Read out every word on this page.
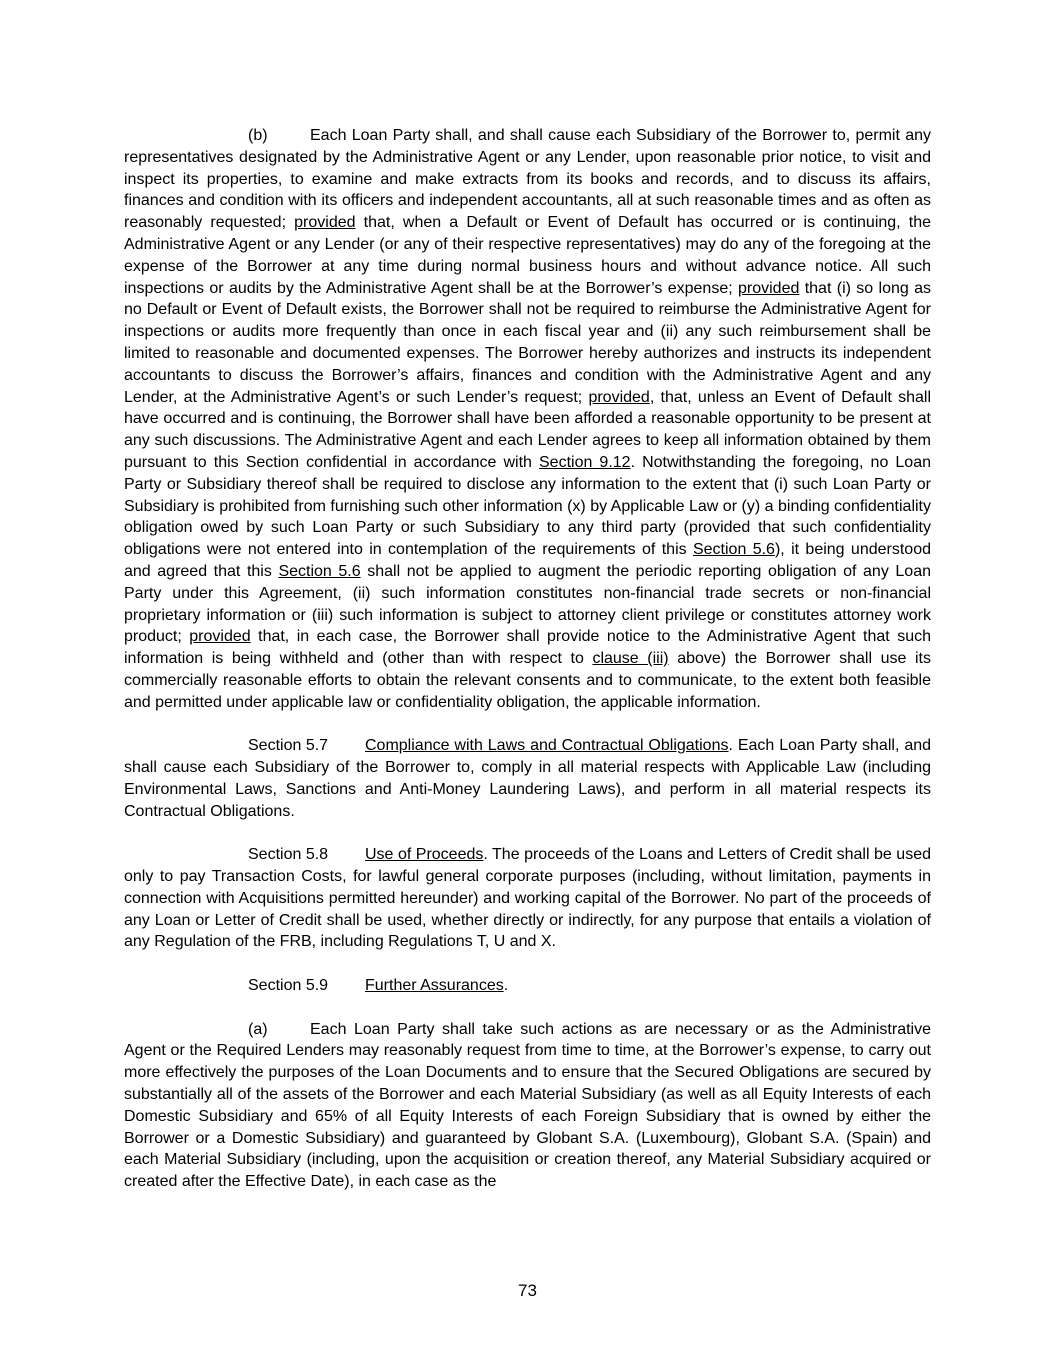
(b)	Each Loan Party shall, and shall cause each Subsidiary of the Borrower to, permit any representatives designated by the Administrative Agent or any Lender, upon reasonable prior notice, to visit and inspect its properties, to examine and make extracts from its books and records, and to discuss its affairs, finances and condition with its officers and independent accountants, all at such reasonable times and as often as reasonably requested; provided that, when a Default or Event of Default has occurred or is continuing, the Administrative Agent or any Lender (or any of their respective representatives) may do any of the foregoing at the expense of the Borrower at any time during normal business hours and without advance notice. All such inspections or audits by the Administrative Agent shall be at the Borrower’s expense; provided that (i) so long as no Default or Event of Default exists, the Borrower shall not be required to reimburse the Administrative Agent for inspections or audits more frequently than once in each fiscal year and (ii) any such reimbursement shall be limited to reasonable and documented expenses. The Borrower hereby authorizes and instructs its independent accountants to discuss the Borrower’s affairs, finances and condition with the Administrative Agent and any Lender, at the Administrative Agent’s or such Lender’s request; provided, that, unless an Event of Default shall have occurred and is continuing, the Borrower shall have been afforded a reasonable opportunity to be present at any such discussions. The Administrative Agent and each Lender agrees to keep all information obtained by them pursuant to this Section confidential in accordance with Section 9.12. Notwithstanding the foregoing, no Loan Party or Subsidiary thereof shall be required to disclose any information to the extent that (i) such Loan Party or Subsidiary is prohibited from furnishing such other information (x) by Applicable Law or (y) a binding confidentiality obligation owed by such Loan Party or such Subsidiary to any third party (provided that such confidentiality obligations were not entered into in contemplation of the requirements of this Section 5.6), it being understood and agreed that this Section 5.6 shall not be applied to augment the periodic reporting obligation of any Loan Party under this Agreement, (ii) such information constitutes non-financial trade secrets or non-financial proprietary information or (iii) such information is subject to attorney client privilege or constitutes attorney work product; provided that, in each case, the Borrower shall provide notice to the Administrative Agent that such information is being withheld and (other than with respect to clause (iii) above) the Borrower shall use its commercially reasonable efforts to obtain the relevant consents and to communicate, to the extent both feasible and permitted under applicable law or confidentiality obligation, the applicable information.

Section 5.7 Compliance with Laws and Contractual Obligations. Each Loan Party shall, and shall cause each Subsidiary of the Borrower to, comply in all material respects with Applicable Law (including Environmental Laws, Sanctions and Anti-Money Laundering Laws), and perform in all material respects its Contractual Obligations.

Section 5.8 Use of Proceeds. The proceeds of the Loans and Letters of Credit shall be used only to pay Transaction Costs, for lawful general corporate purposes (including, without limitation, payments in connection with Acquisitions permitted hereunder) and working capital of the Borrower. No part of the proceeds of any Loan or Letter of Credit shall be used, whether directly or indirectly, for any purpose that entails a violation of any Regulation of the FRB, including Regulations T, U and X.

Section 5.9 Further Assurances.

(a)	Each Loan Party shall take such actions as are necessary or as the Administrative Agent or the Required Lenders may reasonably request from time to time, at the Borrower’s expense, to carry out more effectively the purposes of the Loan Documents and to ensure that the Secured Obligations are secured by substantially all of the assets of the Borrower and each Material Subsidiary (as well as all Equity Interests of each Domestic Subsidiary and 65% of all Equity Interests of each Foreign Subsidiary that is owned by either the Borrower or a Domestic Subsidiary) and guaranteed by Globant S.A. (Luxembourg), Globant S.A. (Spain) and each Material Subsidiary (including, upon the acquisition or creation thereof, any Material Subsidiary acquired or created after the Effective Date), in each case as the

73
